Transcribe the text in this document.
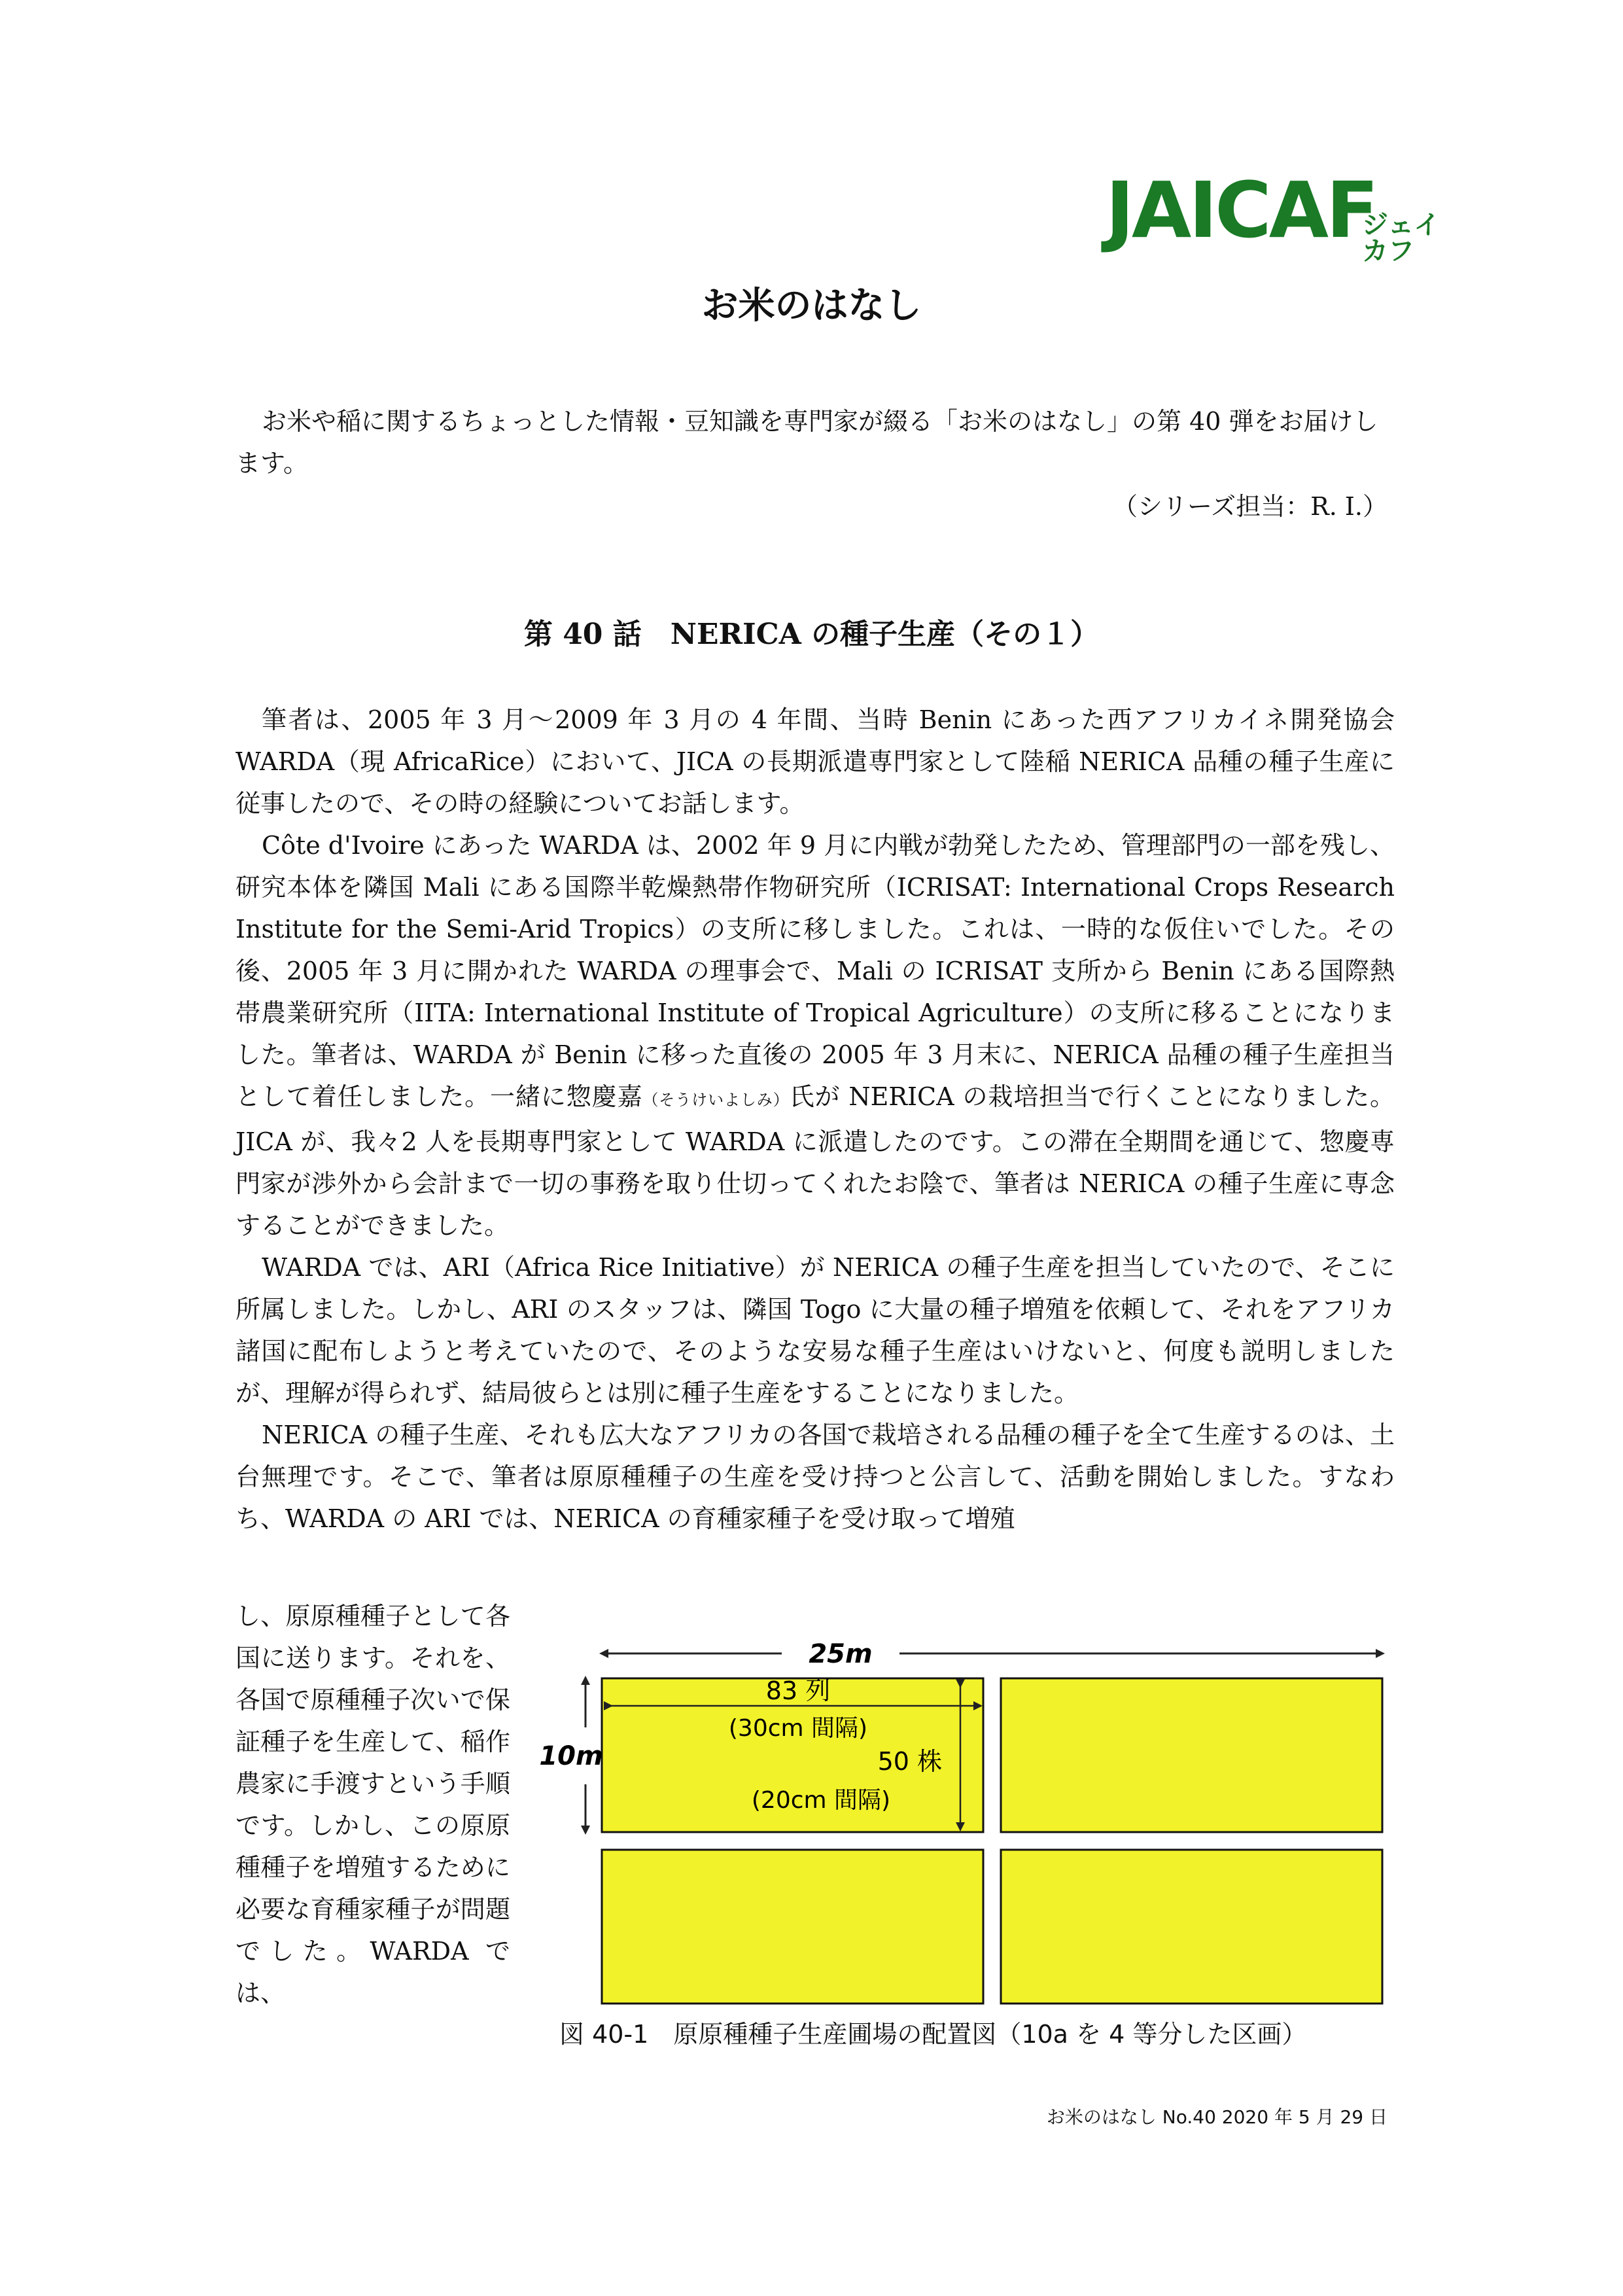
JAICAF
ジェイカフ
お米のはなし

お米や稲に関するちょっとした情報・豆知識を専門家が綴る「お米のはなし」の第 40 弾をお届けします。

（シリーズ担当：R. I.）
第 40 話　NERICA の種子生産（その１）

筆者は、2005 年 3 月～2009 年 3 月の 4 年間、当時 Benin にあった西アフリカイネ開発協会 WARDA（現 AfricaRice）において、JICA の長期派遣専門家として陸稲 NERICA 品種の種子生産に従事したので、その時の経験についてお話します。

Côte d'Ivoire にあった WARDA は、2002 年 9 月に内戦が勃発したため、管理部門の一部を残し、研究本体を隣国 Mali にある国際半乾燥熱帯作物研究所（ICRISAT: International Crops Research Institute for the Semi-Arid Tropics）の支所に移しました。これは、一時的な仮住いでした。その後、2005 年 3 月に開かれた WARDA の理事会で、Mali の ICRISAT 支所から Benin にある国際熱帯農業研究所（IITA: International Institute of Tropical Agriculture）の支所に移ることになりました。筆者は、WARDA が Benin に移った直後の 2005 年 3 月末に、NERICA 品種の種子生産担当として着任しました。一緒に惣慶嘉（そうけいよしみ）氏が NERICA の栽培担当で行くことになりました。JICA が、我々2 人を長期専門家として WARDA に派遣したのです。この滞在全期間を通じて、惣慶専門家が渉外から会計まで一切の事務を取り仕切ってくれたお陰で、筆者は NERICA の種子生産に専念することができました。

WARDA では、ARI（Africa Rice Initiative）が NERICA の種子生産を担当していたので、そこに所属しました。しかし、ARI のスタッフは、隣国 Togo に大量の種子増殖を依頼して、それをアフリカ諸国に配布しようと考えていたので、そのような安易な種子生産はいけないと、何度も説明しましたが、理解が得られず、結局彼らとは別に種子生産をすることになりました。

NERICA の種子生産、それも広大なアフリカの各国で栽培される品種の種子を全て生産するのは、土台無理です。そこで、筆者は原原種種子の生産を受け持つと公言して、活動を開始しました。すなわち、WARDA の ARI では、NERICA の育種家種子を受け取って増殖

し、原原種種子として各国に送ります。それを、各国で原種種子次いで保証種子を生産して、稲作農家に手渡すという手順です。しかし、この原原種種子を増殖するために必要な育種家種子が問題でした。WARDA では、

25m
10m
83 列
(30cm 間隔)
50 株
(20cm 間隔)
図 40-1　原原種種子生産圃場の配置図（10a を 4 等分した区画）
お米のはなし No.40 2020 年 5 月 29 日
